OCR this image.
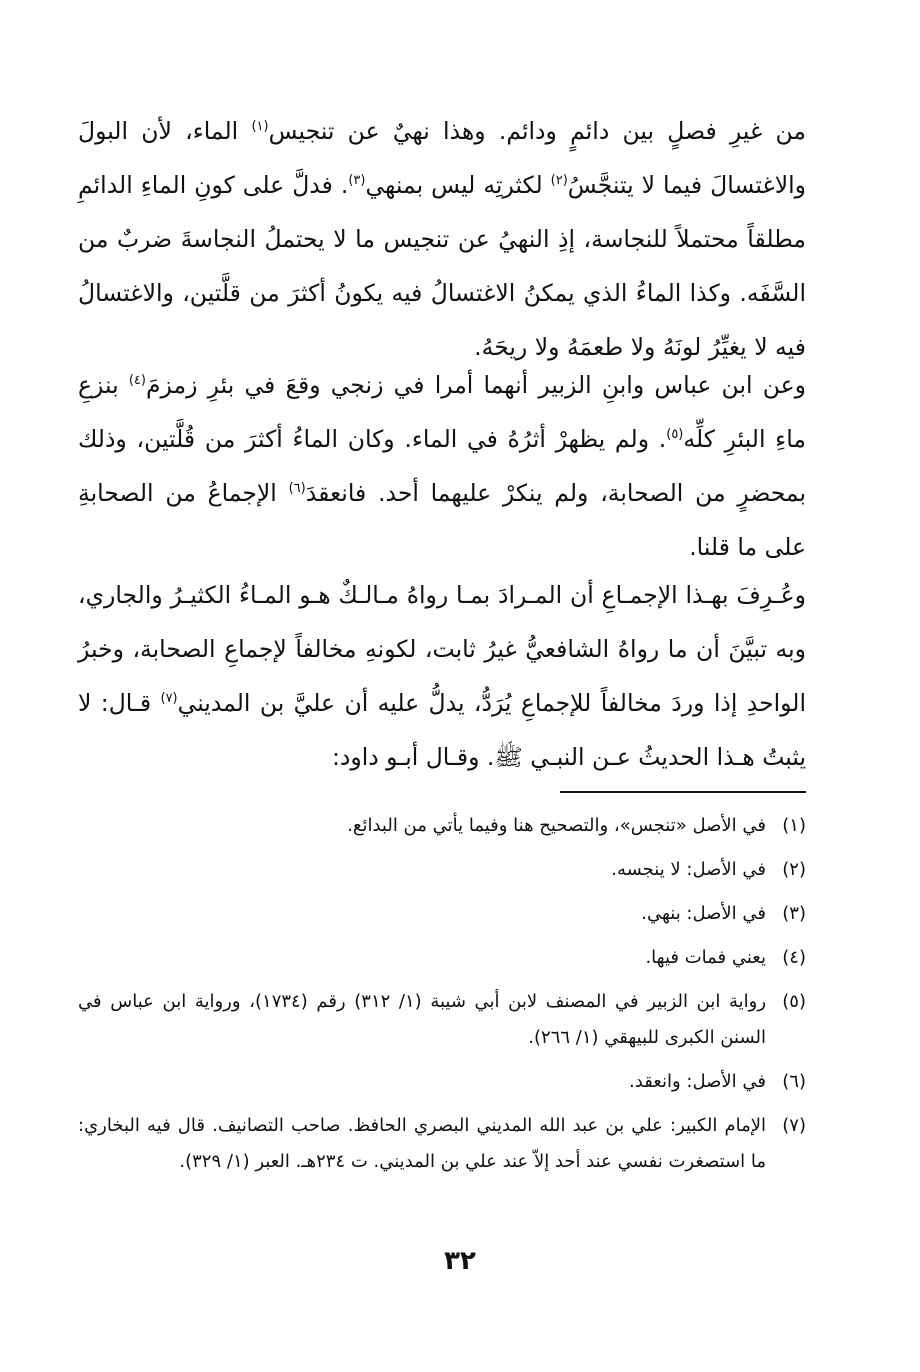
من غيرِ فصلٍ بين دائمٍ ودائم. وهذا نهيٌ عن تنجيس$^{(١)}$ الماء، لأن البولَ والاغتسالَ فيما لا يتنجَّسُ$^{(٢)}$ لكثرتِه ليس بمنهي$^{(٣)}$. فدلَّ على كونِ الماءِ الدائمِ مطلقاً محتملاً للنجاسة، إذِ النهيُ عن تنجيس ما لا يحتملُ النجاسةَ ضربٌ من السَّفَه. وكذا الماءُ الذي يمكنُ الاغتسالُ فيه يكونُ أكثرَ من قلَّتين، والاغتسالُ فيه لا يغيِّرُ لونَهُ ولا طعمَهُ ولا ريحَهُ.

وعن ابن عباس وابنِ الزبير أنهما أمرا في زنجي وقعَ في بئرِ زمزمَ$^{(٤)}$ بنزعِ ماءِ البئرِ كلِّه$^{(٥)}$. ولم يظهرْ أثرُهُ في الماء. وكان الماءُ أكثرَ من قُلَّتين، وذلك بمحضرٍ من الصحابة، ولم ينكرْ عليهما أحد. فانعقدَ$^{(٦)}$ الإجماعُ من الصحابةِ على ما قلنا.

وعُـرِفَ بهـذا الإجمـاعِ أن المـرادَ بمـا رواهُ مـالـكٌ هـو المـاءُ الكثيـرُ والجاري، وبه تبيَّنَ أن ما رواهُ الشافعيُّ غيرُ ثابت، لكونهِ مخالفاً لإجماعِ الصحابة، وخبرُ الواحدِ إذا وردَ مخالفاً للإجماعِ يُرَدُّ، يدلُّ عليه أن عليَّ بن المديني$^{(٧)}$ قـال: لا يثبتُ هـذا الحديثُ عـن النبـي ﷺ. وقـال أبـو داود:

(١)
في الأصل «تنجس»، والتصحيح هنا وفيما يأتي من البدائع.
(٢)
في الأصل: لا ينجسه.
(٣)
في الأصل: بنهي.
(٤)
يعني فمات فيها.
(٥)
رواية ابن الزبير في المصنف لابن أبي شيبة (١/ ٣١٢) رقم (١٧٣٤)، ورواية ابن عباس في السنن الكبرى للبيهقي (١/ ٢٦٦).
(٦)
في الأصل: وانعقد.
(٧)
الإمام الكبير: علي بن عبد الله المديني البصري الحافظ. صاحب التصانيف. قال فيه البخاري: ما استصغرت نفسي عند أحد إلاّ عند علي بن المديني. ت ٢٣٤هـ. العبر (١/ ٣٢٩).
٣٢
